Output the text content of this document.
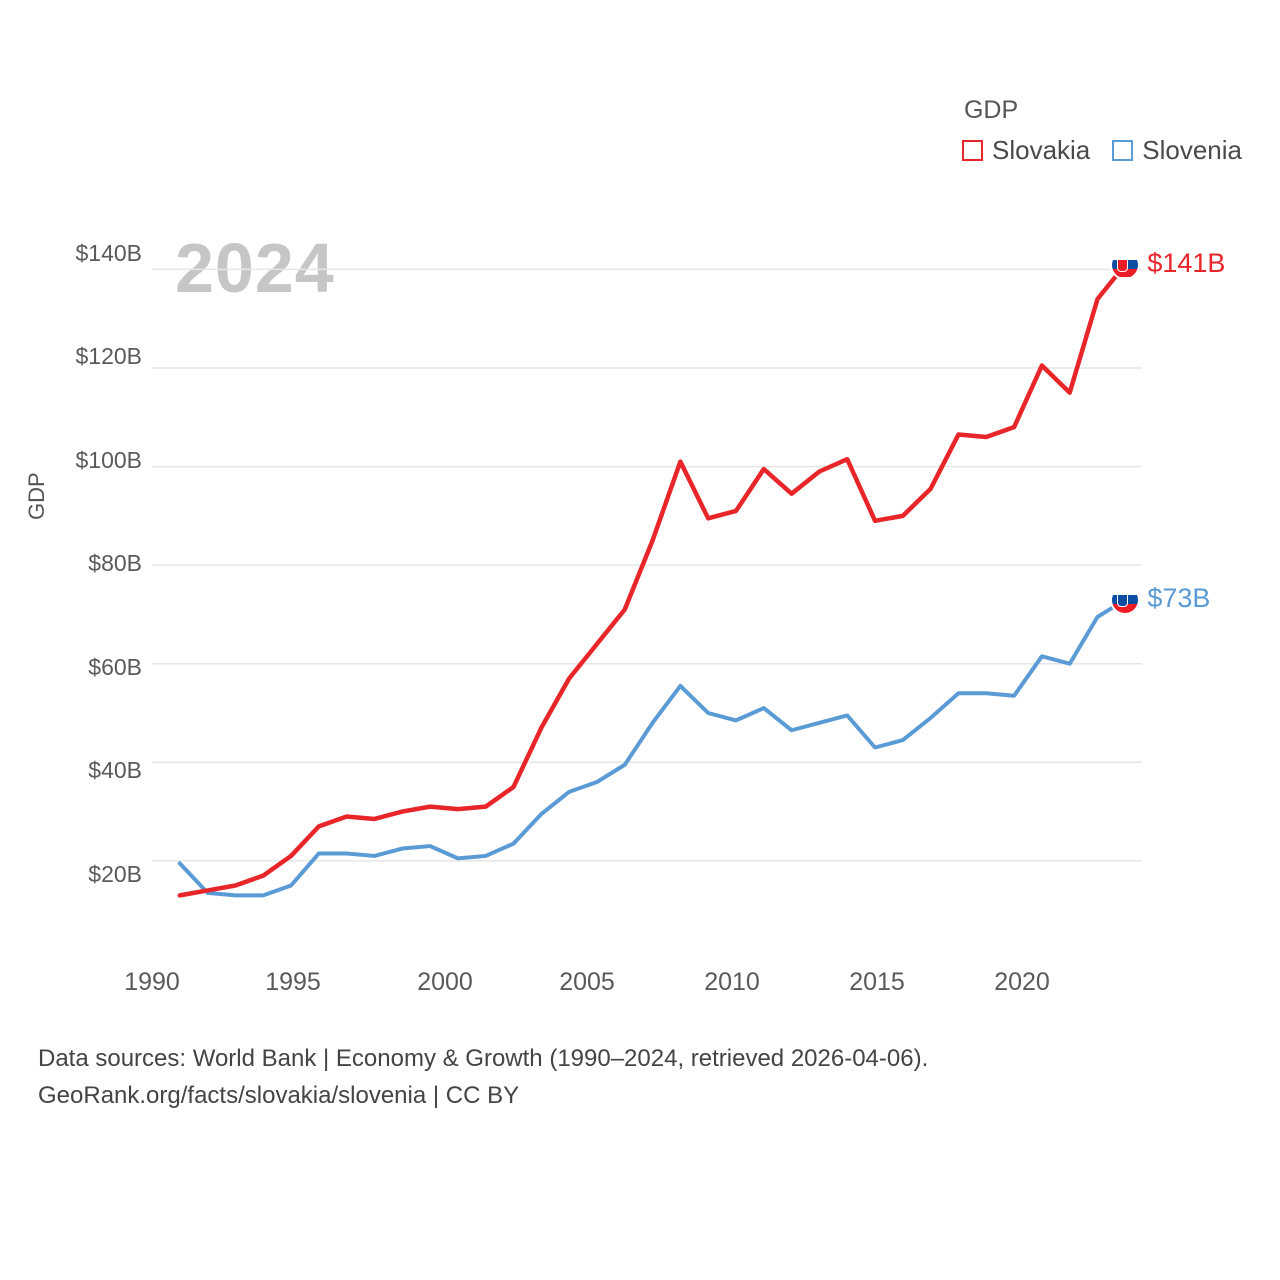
GDP
Slovakia Slovenia
GDP
$140B
$120B
$100B
$80B
$60B
$40B
$20B
2024
1990	1995	2000	2005	2010	2015	2020
$141B
$73B
Data sources: World Bank | Economy & Growth (1990–2024, retrieved 2026-04-06).
GeoRank.org/facts/slovakia/slovenia | CC BY
